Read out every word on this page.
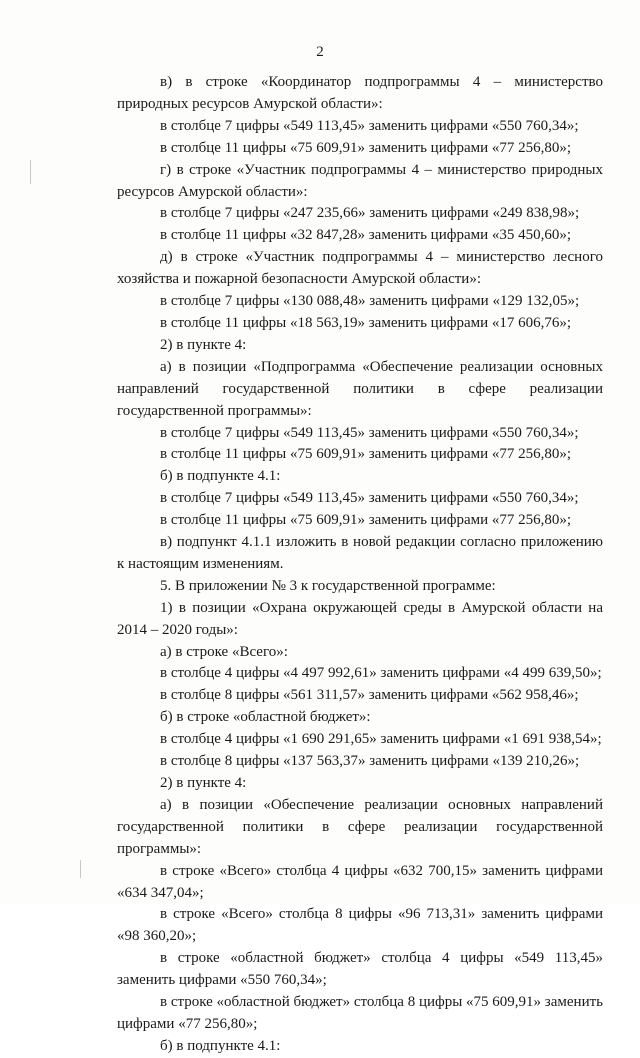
2

в) в строке «Координатор подпрограммы 4 – министерство природных ресурсов Амурской области»:

в столбце 7 цифры «549 113,45» заменить цифрами «550 760,34»;

в столбце 11 цифры «75 609,91» заменить цифрами «77 256,80»;

г) в строке «Участник подпрограммы 4 – министерство природных ресурсов Амурской области»:

в столбце 7 цифры «247 235,66» заменить цифрами «249 838,98»;

в столбце 11 цифры «32 847,28» заменить цифрами «35 450,60»;

д) в строке «Участник подпрограммы 4 – министерство лесного хозяйства и пожарной безопасности Амурской области»:

в столбце 7 цифры «130 088,48» заменить цифрами «129 132,05»;

в столбце 11 цифры «18 563,19» заменить цифрами «17 606,76»;

2) в пункте 4:

а) в позиции «Подпрограмма «Обеспечение реализации основных направлений государственной политики в сфере реализации государственной программы»:

в столбце 7 цифры «549 113,45» заменить цифрами «550 760,34»;

в столбце 11 цифры «75 609,91» заменить цифрами «77 256,80»;

б) в подпункте 4.1:

в столбце 7 цифры «549 113,45» заменить цифрами «550 760,34»;

в столбце 11 цифры «75 609,91» заменить цифрами «77 256,80»;

в) подпункт 4.1.1 изложить в новой редакции согласно приложению к настоящим изменениям.

5. В приложении № 3 к государственной программе:

1) в позиции «Охрана окружающей среды в Амурской области на 2014 – 2020 годы»:

а) в строке «Всего»:

в столбце 4 цифры «4 497 992,61» заменить цифрами «4 499 639,50»;

в столбце 8 цифры «561 311,57» заменить цифрами «562 958,46»;

б) в строке «областной бюджет»:

в столбце 4 цифры «1 690 291,65» заменить цифрами «1 691 938,54»;

в столбце 8 цифры «137 563,37» заменить цифрами «139 210,26»;

2) в пункте 4:

а) в позиции «Обеспечение реализации основных направлений государственной политики в сфере реализации государственной программы»:

в строке «Всего» столбца 4 цифры «632 700,15» заменить цифрами «634 347,04»;

в строке «Всего» столбца 8 цифры «96 713,31» заменить цифрами «98 360,20»;

в строке «областной бюджет» столбца 4 цифры «549 113,45» заменить цифрами «550 760,34»;

в строке «областной бюджет» столбца 8 цифры «75 609,91» заменить цифрами «77 256,80»;

б) в подпункте 4.1:
